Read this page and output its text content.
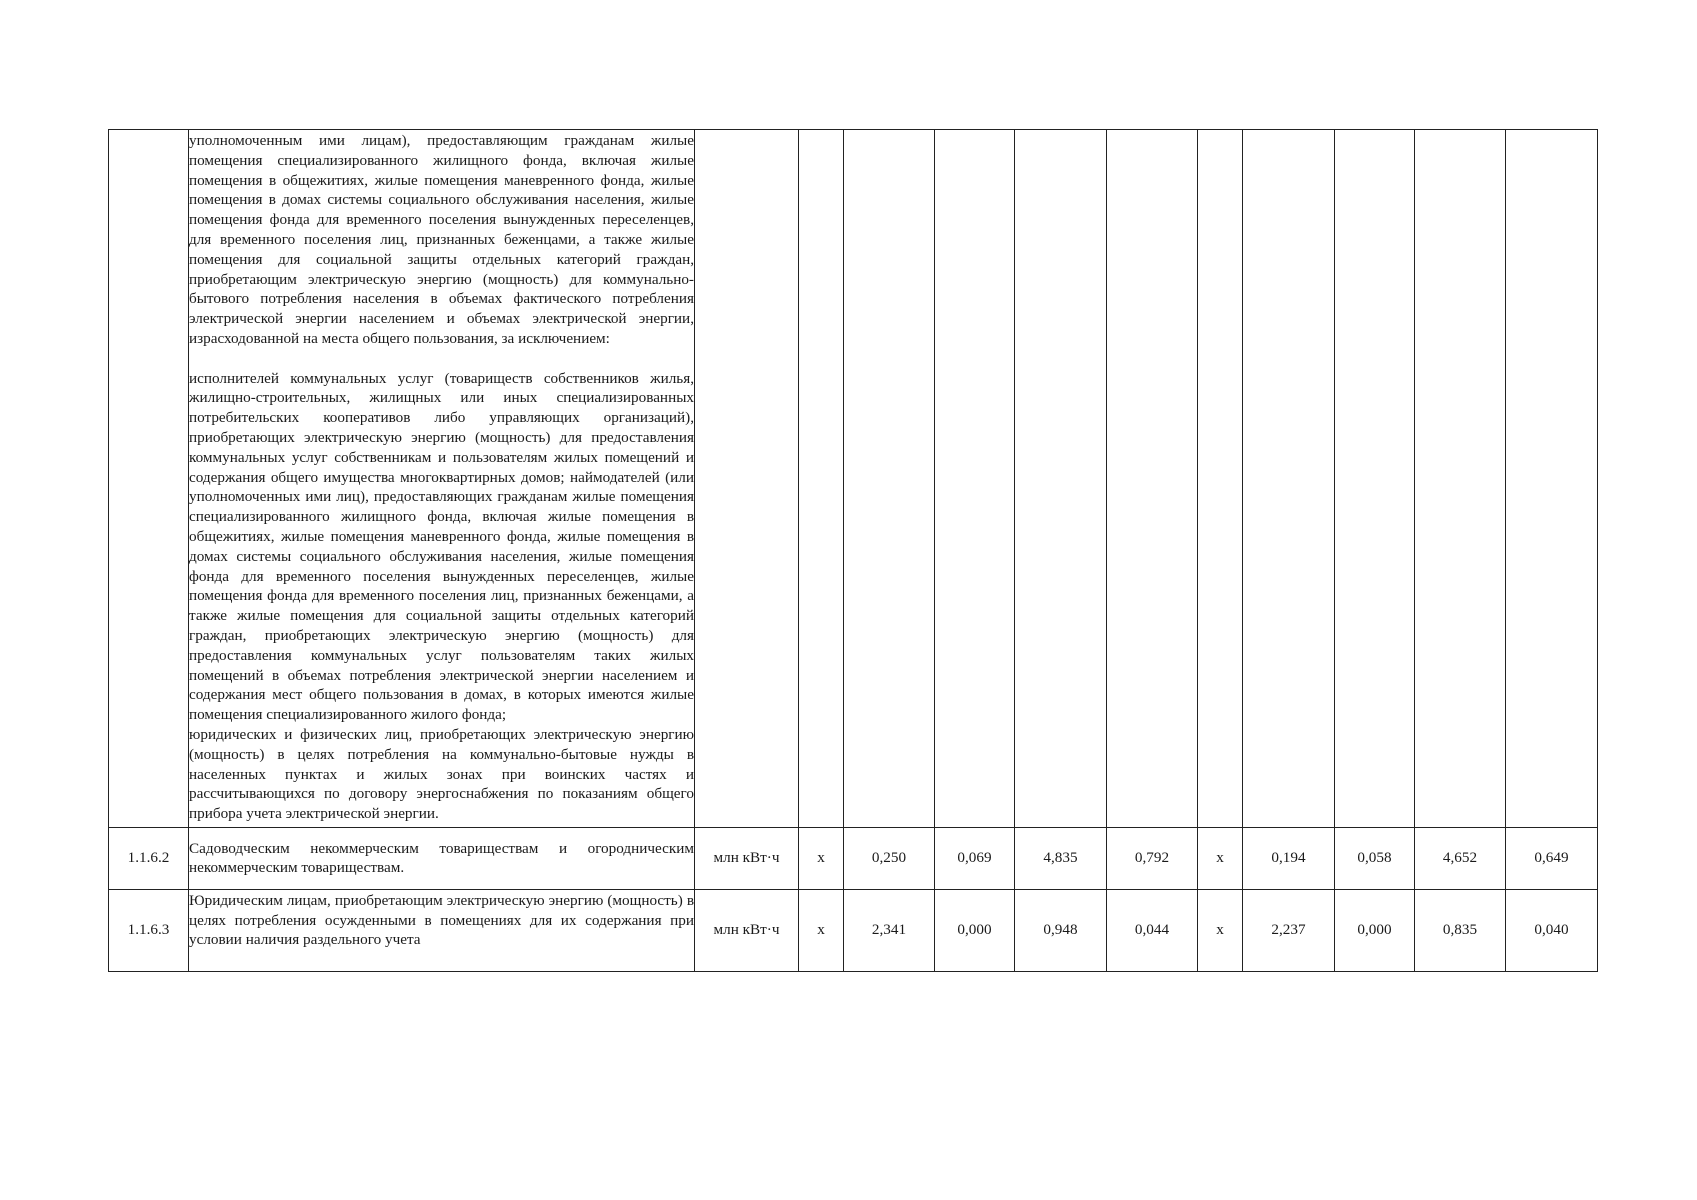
	уполномоченным ими лицам), предоставляющим гражданам жилые помещения специализированного жилищного фонда, включая жилые помещения в общежитиях, жилые помещения маневренного фонда, жилые помещения в домах системы социального обслуживания населения, жилые помещения фонда для временного поселения вынужденных переселенцев, для временного поселения лиц, признанных беженцами, а также жилые помещения для социальной защиты отдельных категорий граждан, приобретающим электрическую энергию (мощность) для коммунально-бытового потребления населения в объемах фактического потребления электрической энергии населением и объемах электрической энергии, израсходованной на места общего пользования, за исключением:

исполнителей коммунальных услуг (товариществ собственников жилья, жилищно-строительных, жилищных или иных специализированных потребительских кооперативов либо управляющих организаций), приобретающих электрическую энергию (мощность) для предоставления коммунальных услуг собственникам и пользователям жилых помещений и содержания общего имущества многоквартирных домов; наймодателей (или уполномоченных ими лиц), предоставляющих гражданам жилые помещения специализированного жилищного фонда, включая жилые помещения в общежитиях, жилые помещения маневренного фонда, жилые помещения в домах системы социального обслуживания населения, жилые помещения фонда для временного поселения вынужденных переселенцев, жилые помещения фонда для временного поселения лиц, признанных беженцами, а также жилые помещения для социальной защиты отдельных категорий граждан, приобретающих электрическую энергию (мощность) для предоставления коммунальных услуг пользователям таких жилых помещений в объемах потребления электрической энергии населением и содержания мест общего пользования в домах, в которых имеются жилые помещения специализированного жилого фонда;

юридических и физических лиц, приобретающих электрическую энергию (мощность) в целях потребления на коммунально-бытовые нужды в населенных пунктах и жилых зонах при воинских частях и рассчитывающихся по договору энергоснабжения по показаниям общего прибора учета электрической энергии.											

1.1.6.2	Садоводческим некоммерческим товариществам и огородническим некоммерческим товариществам.	млн кВт·ч	x	0,250	0,069	4,835	0,792	x	0,194	0,058	4,652	0,649
1.1.6.3	Юридическим лицам, приобретающим электрическую энергию (мощность) в целях потребления осужденными в помещениях для их содержания при условии наличия раздельного учета	млн кВт·ч	x	2,341	0,000	0,948	0,044	x	2,237	0,000	0,835	0,040
